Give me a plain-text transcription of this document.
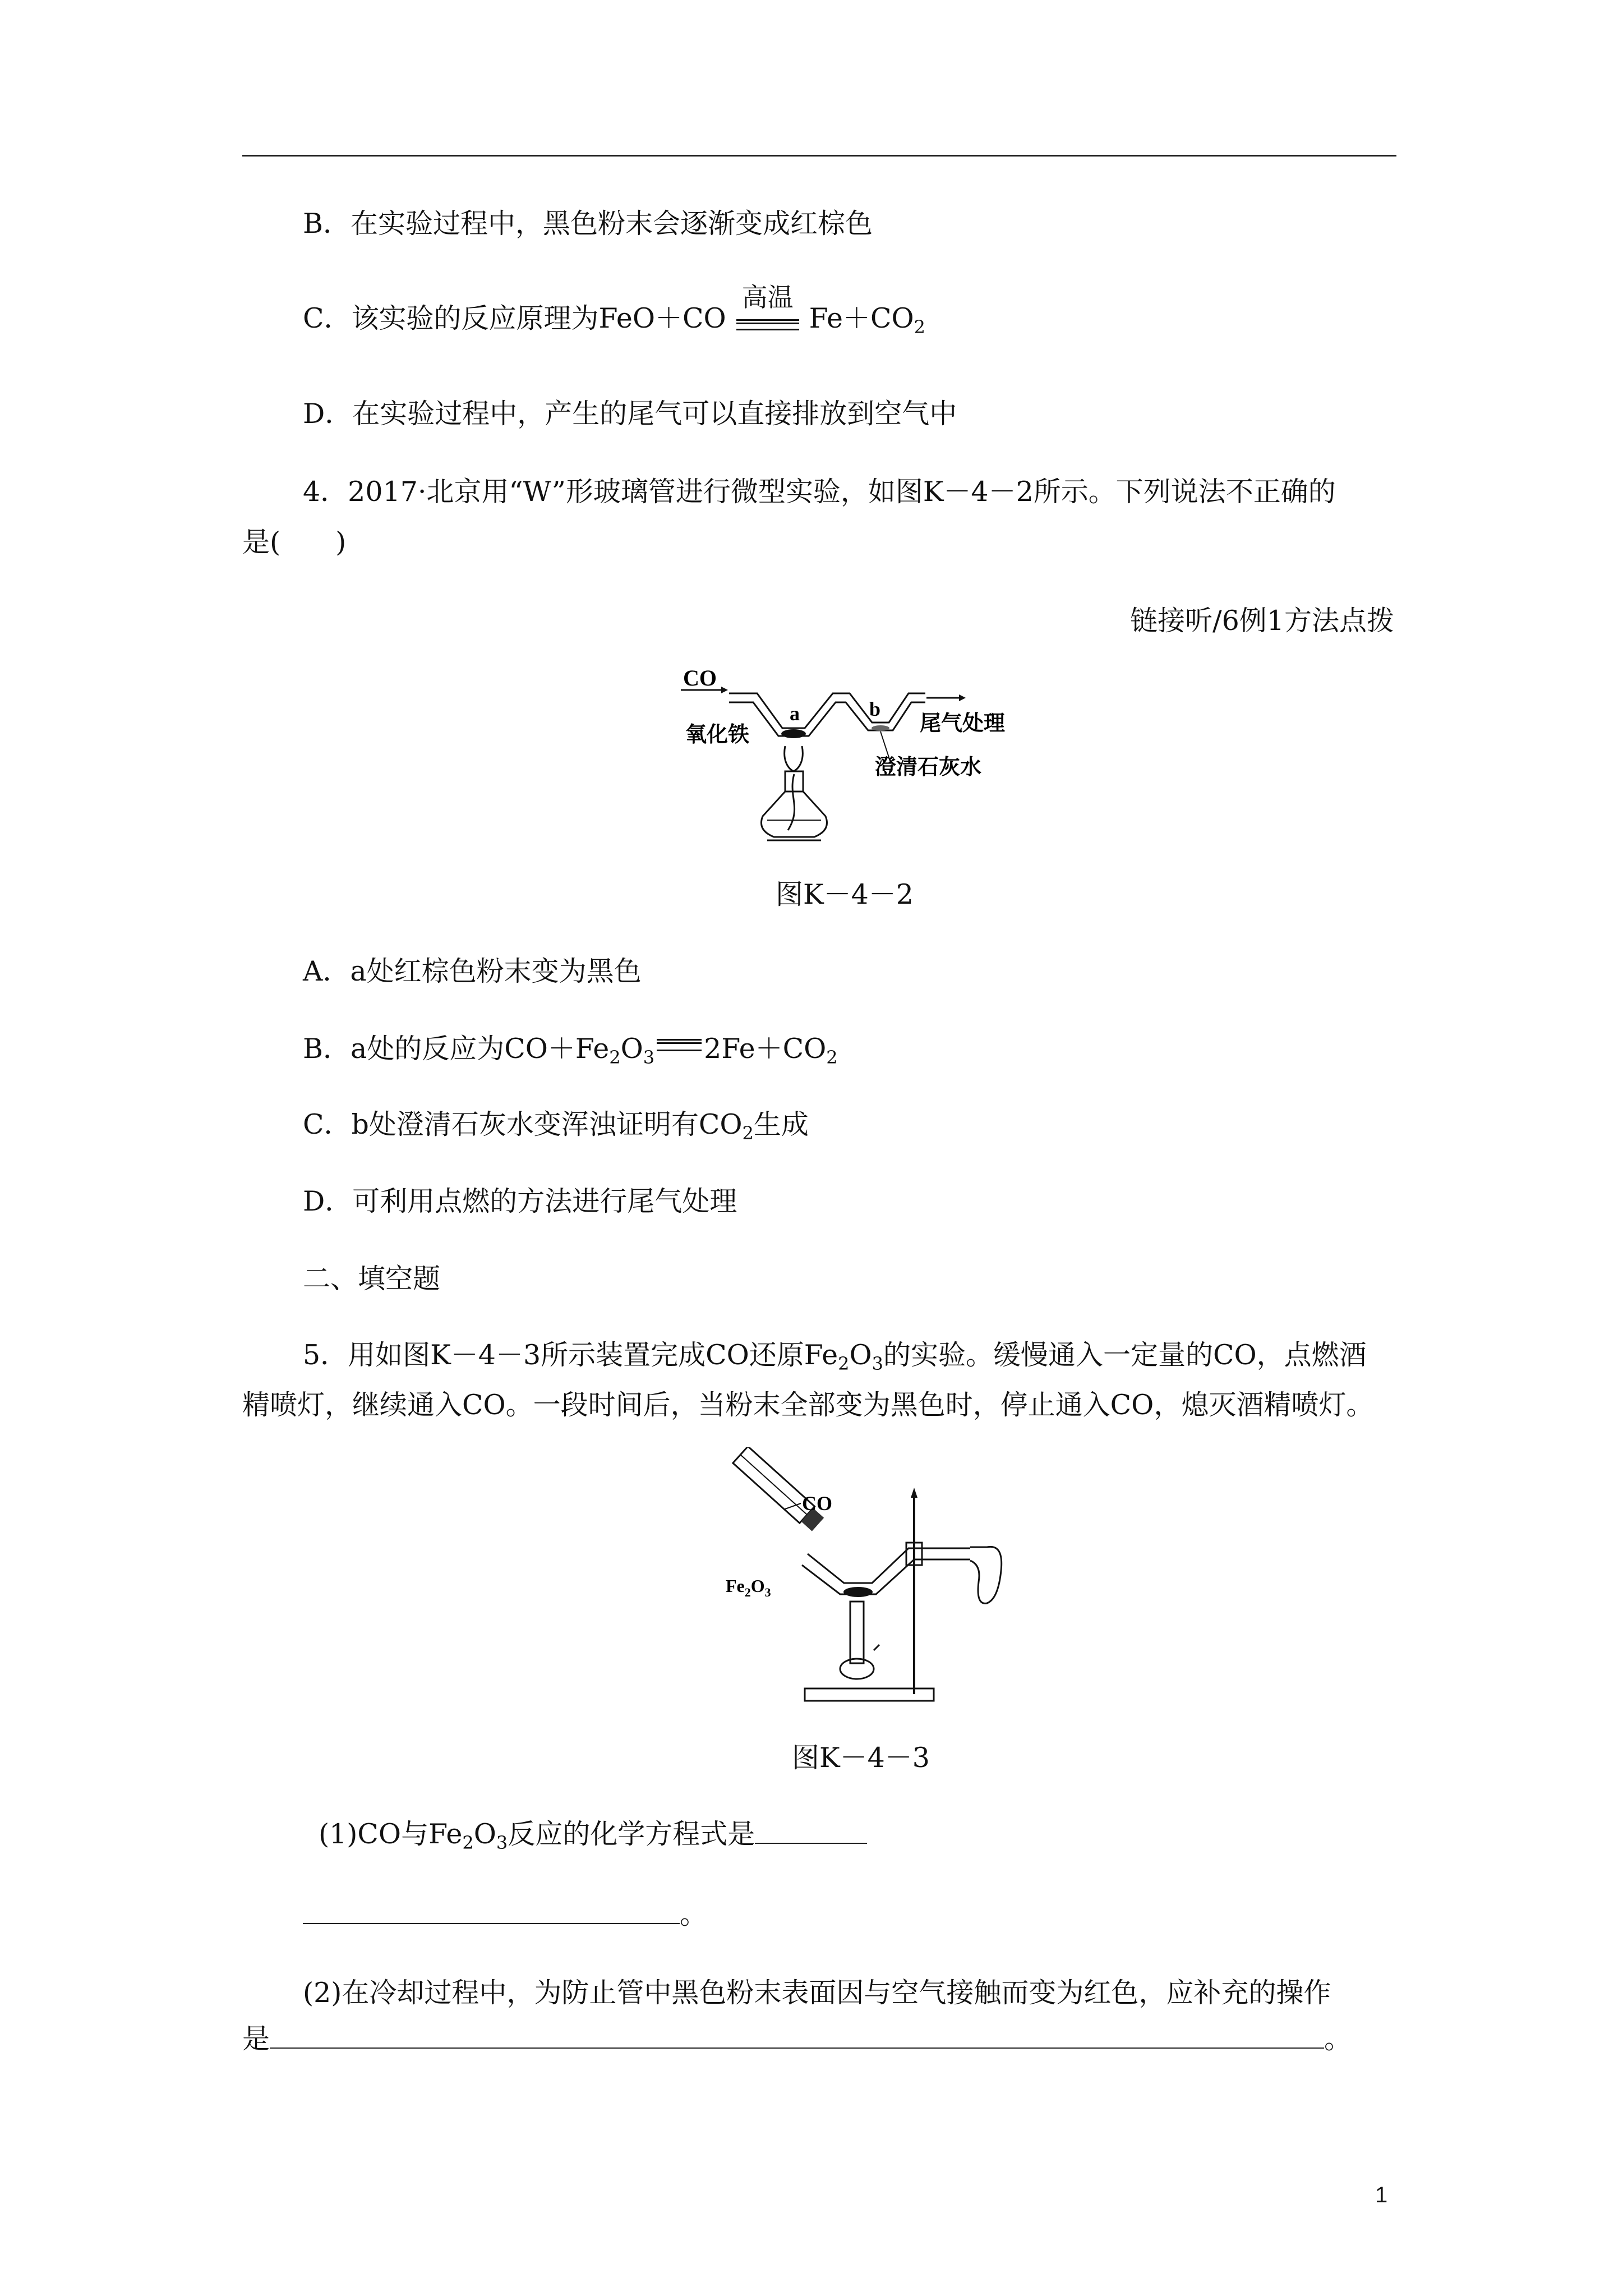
B．在实验过程中，黑色粉末会逐渐变成红棕色
C．该实验的反应原理为FeO＋CO
高温
$Fe+CO_2$
D．在实验过程中，产生的尾气可以直接排放到空气中
4．2017·北京用“W”形玻璃管进行微型实验，如图K－4－2所示。下列说法不正确的
是(　　)
链接听/6例1方法点拨
CO
a	b
尾气处理
氧化铁
澄清石灰水
图K－4－2
A．a处红棕色粉末变为黑色
B．a处的反应为$CO+Fe_2O_3$ $2Fe+CO_2$
C．b处澄清石灰水变浑浊证明有$CO_2$生成
D．可利用点燃的方法进行尾气处理
二、填空题
5．用如图K－4－3所示装置完成CO还原$Fe_2O_3$的实验。缓慢通入一定量的CO，点燃酒
精喷灯，继续通入CO。一段时间后，当粉末全部变为黑色时，停止通入CO，熄灭酒精喷灯。
CO
$Fe_2O_3$
图K－4－3
(1)CO与$Fe_2O_3$反应的化学方程式是
。
(2)在冷却过程中，为防止管中黑色粉末表面因与空气接触而变为红色，应补充的操作
是	。
1
